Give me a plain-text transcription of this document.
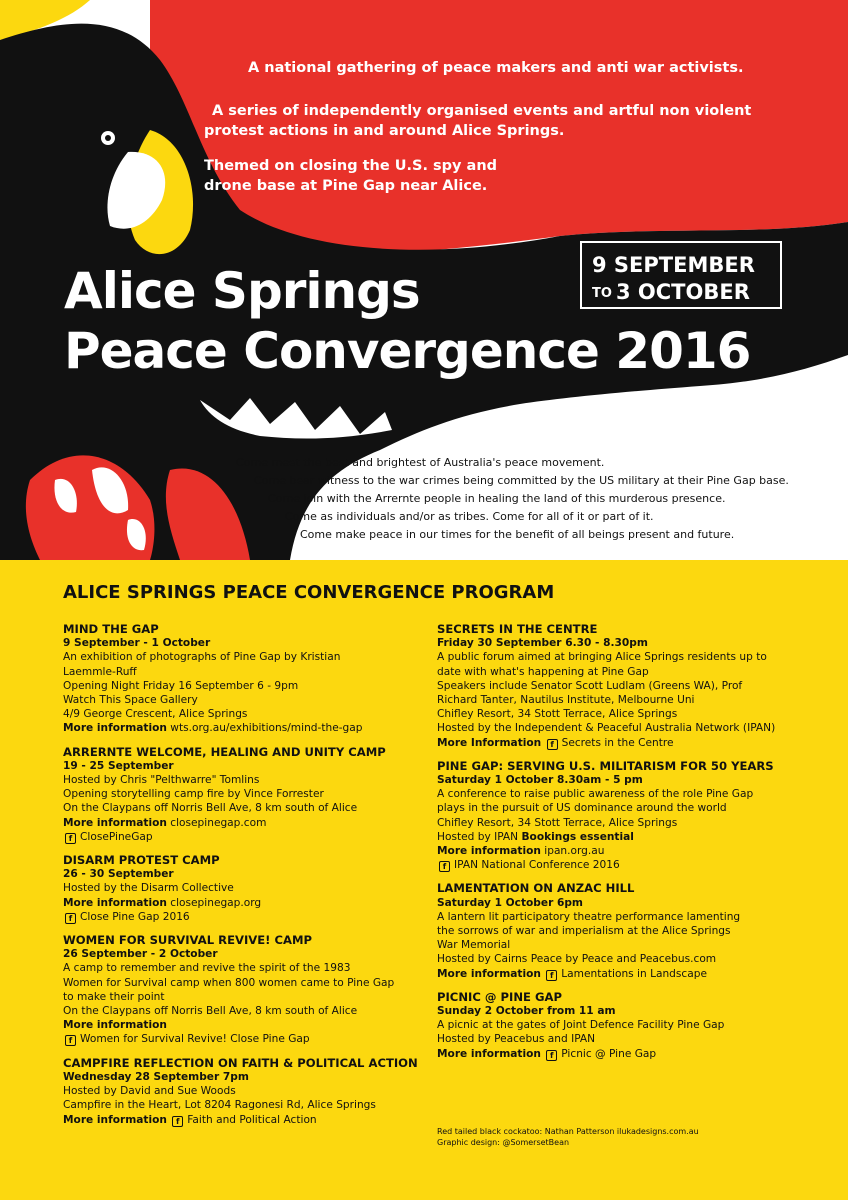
A national gathering of peace makers and anti war activists.
A series of independently organised events and artful non violent
protest actions in and around Alice Springs.
Themed on closing the U.S. spy and
drone base at Pine Gap near Alice.
9 SEPTEMBER
TO 3 OCTOBER
Alice Springs
Peace Convergence 2016
Come meet the best and brightest of Australia's peace movement.
Come bear witness to the war crimes being committed by the US military at their Pine Gap base.
Come join with the Arrernte people in healing the land of this murderous presence.
Come as individuals and/or as tribes. Come for all of it or part of it.
Come make peace in our times for the benefit of all beings present and future.
ALICE SPRINGS PEACE CONVERGENCE PROGRAM
MIND THE GAP
9 September - 1 October
An exhibition of photographs of Pine Gap by Kristian
Laemmle-Ruff
Opening Night Friday 16 September 6 - 9pm
Watch This Space Gallery
4/9 George Crescent, Alice Springs
More information wts.org.au/exhibitions/mind-the-gap
ARRERNTE WELCOME, HEALING AND UNITY CAMP
19 - 25 September
Hosted by Chris "Pelthwarre" Tomlins
Opening storytelling camp fire by Vince Forrester
On the Claypans off Norris Bell Ave, 8 km south of Alice
More information closepinegap.com
f ClosePineGap
DISARM PROTEST CAMP
26 - 30 September
Hosted by the Disarm Collective
More information closepinegap.org
f Close Pine Gap 2016
WOMEN FOR SURVIVAL REVIVE! CAMP
26 September - 2 October
A camp to remember and revive the spirit of the 1983
Women for Survival camp when 800 women came to Pine Gap
to make their point
On the Claypans off Norris Bell Ave, 8 km south of Alice
More information
f Women for Survival Revive! Close Pine Gap
CAMPFIRE REFLECTION ON FAITH & POLITICAL ACTION
Wednesday 28 September 7pm
Hosted by David and Sue Woods
Campfire in the Heart, Lot 8204 Ragonesi Rd, Alice Springs
More information f Faith and Political Action
SECRETS IN THE CENTRE
Friday 30 September 6.30 - 8.30pm
A public forum aimed at bringing Alice Springs residents up to
date with what's happening at Pine Gap
Speakers include Senator Scott Ludlam (Greens WA), Prof
Richard Tanter, Nautilus Institute, Melbourne Uni
Chifley Resort, 34 Stott Terrace, Alice Springs
Hosted by the Independent & Peaceful Australia Network (IPAN)
More Information f Secrets in the Centre
PINE GAP: SERVING U.S. MILITARISM FOR 50 YEARS
Saturday 1 October 8.30am - 5 pm
A conference to raise public awareness of the role Pine Gap
plays in the pursuit of US dominance around the world
Chifley Resort, 34 Stott Terrace, Alice Springs
Hosted by IPAN Bookings essential
More information ipan.org.au
f IPAN National Conference 2016
LAMENTATION ON ANZAC HILL
Saturday 1 October 6pm
A lantern lit participatory theatre performance lamenting
the sorrows of war and imperialism at the Alice Springs
War Memorial
Hosted by Cairns Peace by Peace and Peacebus.com
More information f Lamentations in Landscape
PICNIC @ PINE GAP
Sunday 2 October from 11 am
A picnic at the gates of Joint Defence Facility Pine Gap
Hosted by Peacebus and IPAN
More information f Picnic @ Pine Gap
Red tailed black cockatoo: Nathan Patterson ilukadesigns.com.au
Graphic design: @SomersetBean
